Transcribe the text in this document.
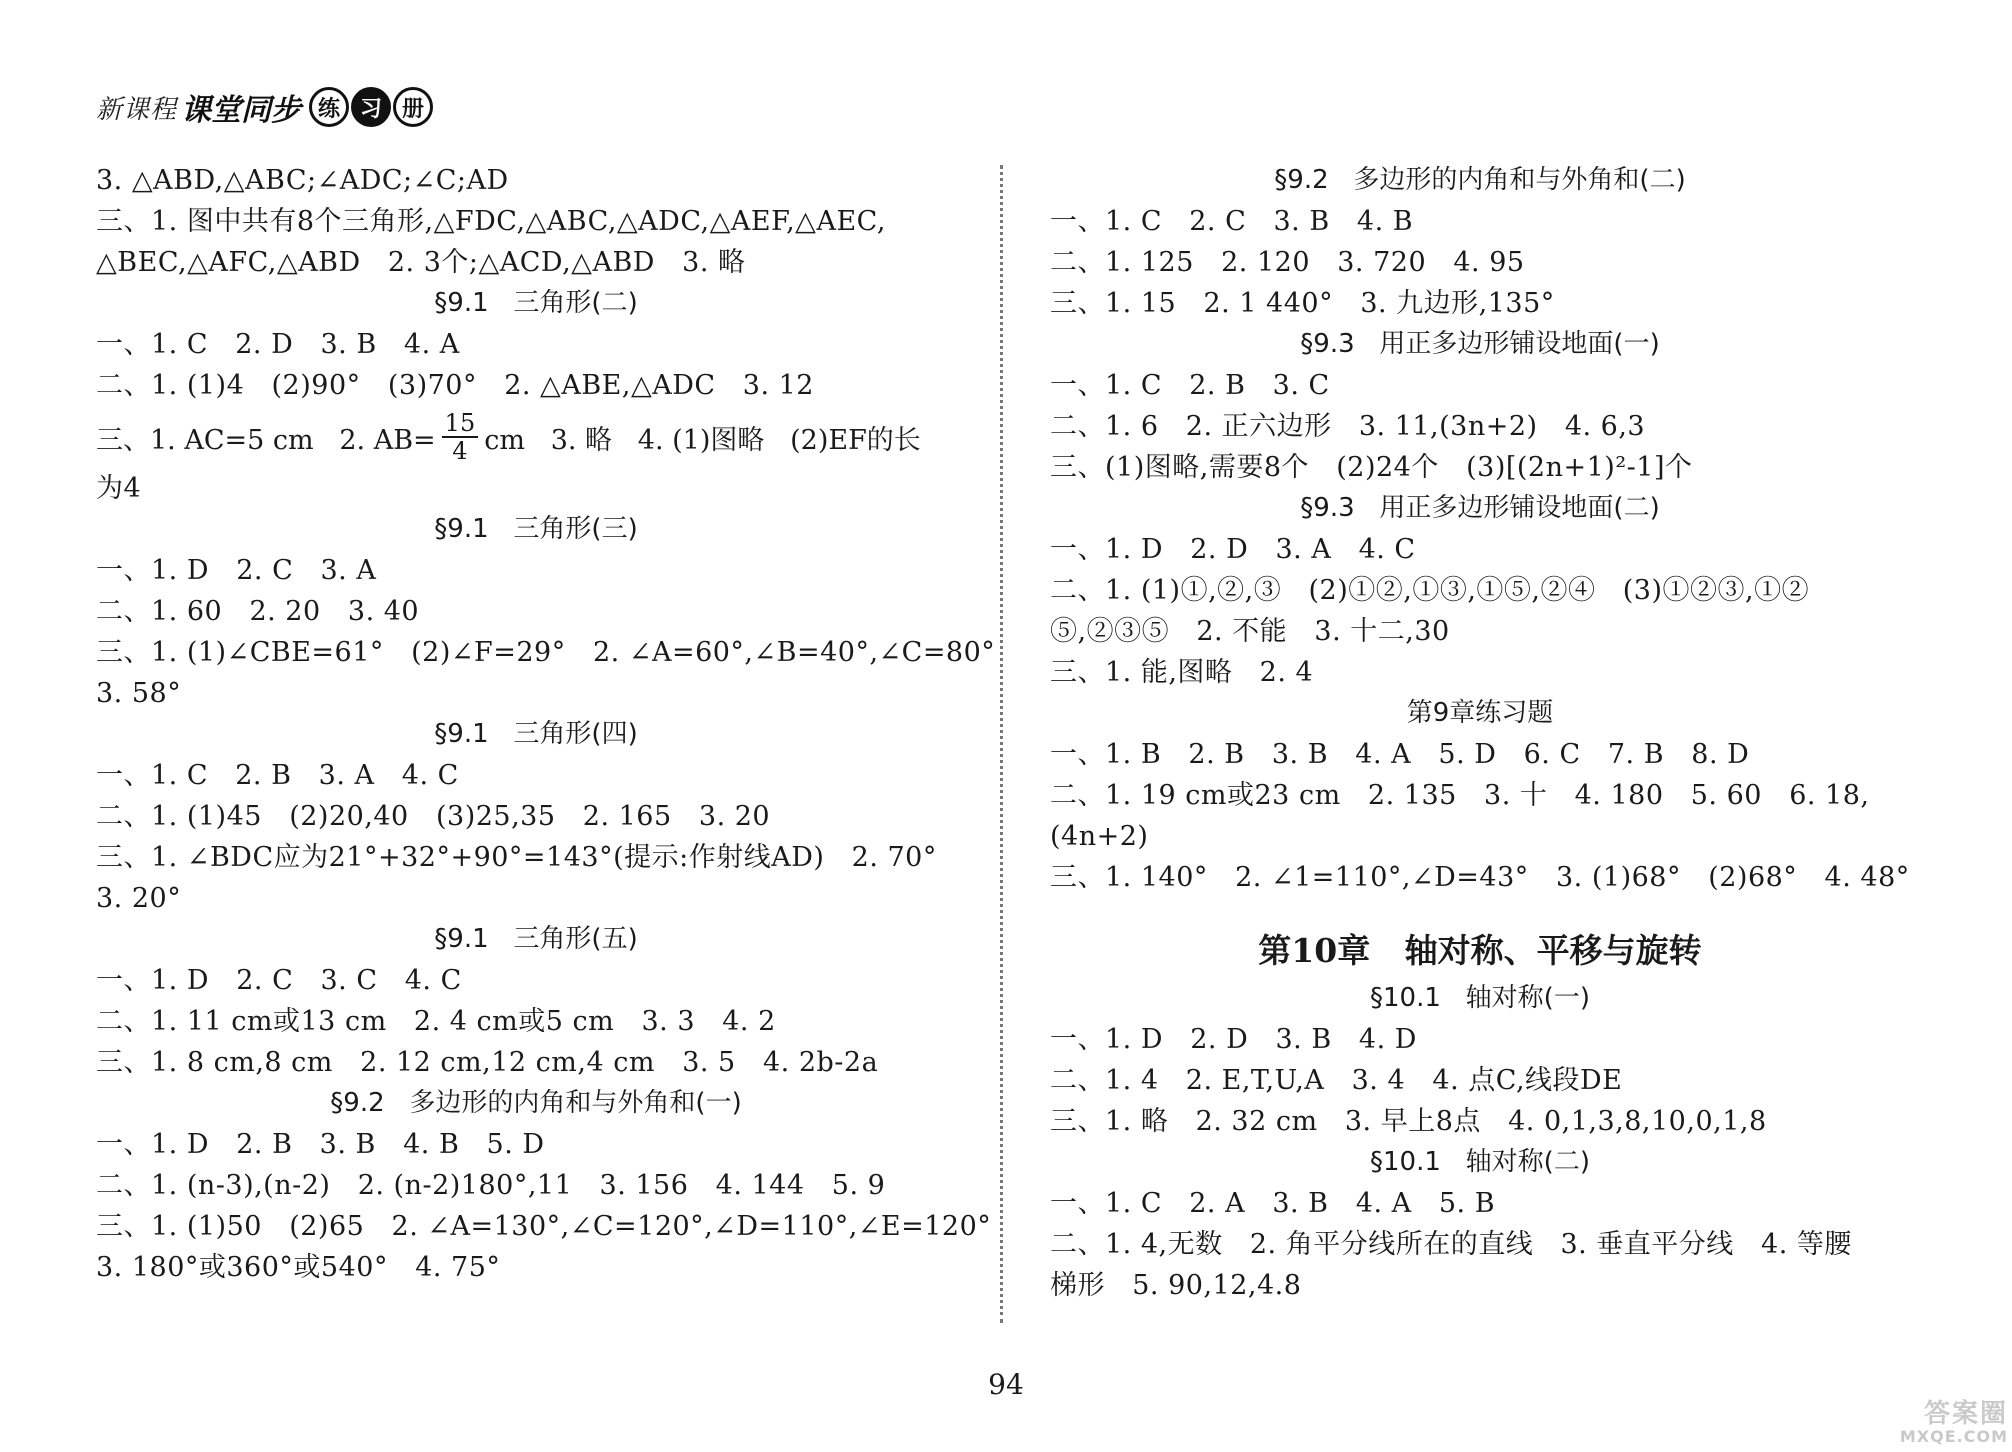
新课程 课堂同步 练 习 册
3. △ABD,△ABC;∠ADC;∠C;AD
三、1. 图中共有8个三角形,△FDC,△ABC,△ADC,△AEF,△AEC,
△BEC,△AFC,△ABD   2. 3个;△ACD,△ABD   3. 略
§9.1   三角形(二)
一、1. C   2. D   3. B   4. A
二、1. (1)4   (2)90°   (3)70°   2. △ABE,△ADC   3. 12
三、1. AC=5 cm   2. $AB= \frac{15}{4}$ cm   3. 略   4. (1)图略   (2)EF的长
为4
§9.1   三角形(三)
一、1. D   2. C   3. A
二、1. 60   2. 20   3. 40
三、1. (1)∠CBE=61°   (2)∠F=29°   2. ∠A=60°,∠B=40°,∠C=80°
3. 58°
§9.1   三角形(四)
一、1. C   2. B   3. A   4. C
二、1. (1)45   (2)20,40   (3)25,35   2. 165   3. 20
三、1. ∠BDC应为21°+32°+90°=143°(提示:作射线AD)   2. 70°
3. 20°
§9.1   三角形(五)
一、1. D   2. C   3. C   4. C
二、1. 11 cm或13 cm   2. 4 cm或5 cm   3. 3   4. 2
三、1. 8 cm,8 cm   2. 12 cm,12 cm,4 cm   3. 5   4. 2b-2a
§9.2   多边形的内角和与外角和(一)
一、1. D   2. B   3. B   4. B   5. D
二、1. (n-3),(n-2)   2. (n-2)180°,11   3. 156   4. 144   5. 9
三、1. (1)50   (2)65   2. ∠A=130°,∠C=120°,∠D=110°,∠E=120°
3. 180°或360°或540°   4. 75°
§9.2   多边形的内角和与外角和(二)
一、1. C   2. C   3. B   4. B
二、1. 125   2. 120   3. 720   4. 95
三、1. 15   2. 1 440°   3. 九边形,135°
§9.3   用正多边形铺设地面(一)
一、1. C   2. B   3. C
二、1. 6   2. 正六边形   3. 11,(3n+2)   4. 6,3
三、(1)图略,需要8个   (2)24个   (3)[(2n+1)²-1]个
§9.3   用正多边形铺设地面(二)
一、1. D   2. D   3. A   4. C
二、1. (1)①,②,③   (2)①②,①③,①⑤,②④   (3)①②③,①②
⑤,②③⑤   2. 不能   3. 十二,30
三、1. 能,图略   2. 4
第9章练习题
一、1. B   2. B   3. B   4. A   5. D   6. C   7. B   8. D
二、1. 19 cm或23 cm   2. 135   3. 十   4. 180   5. 60   6. 18,
(4n+2)
三、1. 140°   2. ∠1=110°,∠D=43°   3. (1)68°   (2)68°   4. 48°
第10章   轴对称、平移与旋转
§10.1   轴对称(一)
一、1. D   2. D   3. B   4. D
二、1. 4   2. E,T,U,A   3. 4   4. 点C,线段DE
三、1. 略   2. 32 cm   3. 早上8点   4. 0,1,3,8,10,0,1,8
§10.1   轴对称(二)
一、1. C   2. A   3. B   4. A   5. B
二、1. 4,无数   2. 角平分线所在的直线   3. 垂直平分线   4. 等腰
梯形   5. 90,12,4.8
94
答案圈
MXQE.COM
